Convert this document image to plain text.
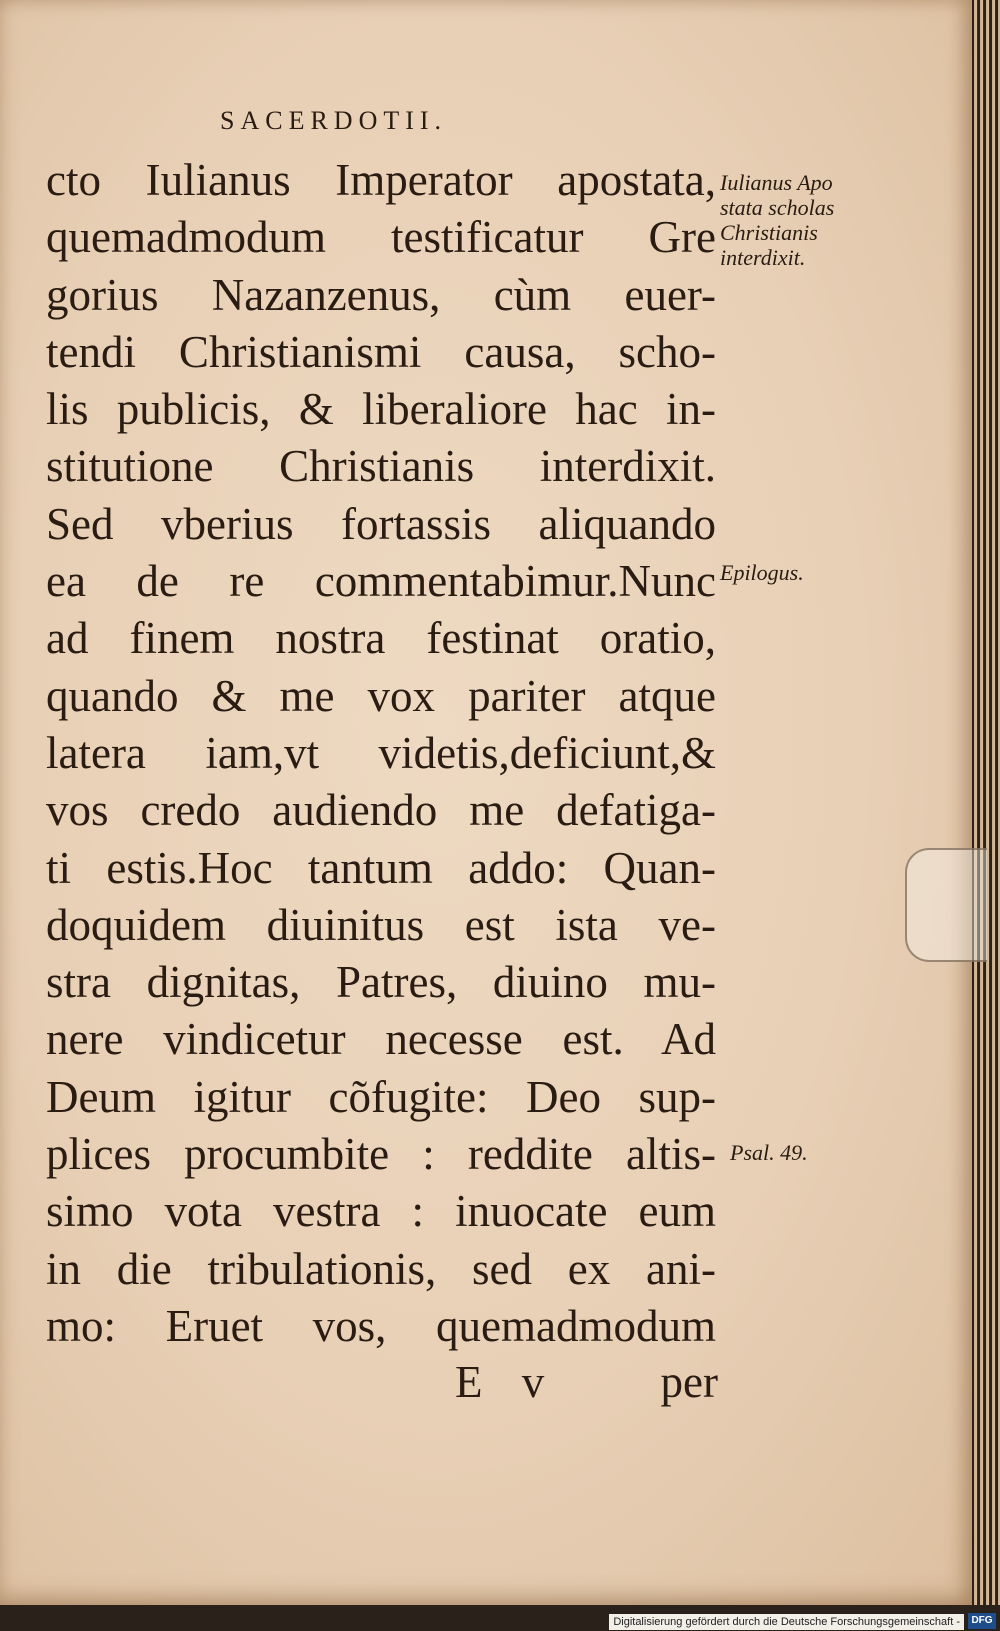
SACERDOTII.
cto Iulianus Imperator apostata,
quemadmodum testificatur Gre
gorius Nazanzenus, cùm euer-
tendi Christianismi causa, scho-
lis publicis, & liberaliore hac in-
stitutione Christianis interdixit.
Sed vberius fortassis aliquando
ea de re commentabimur.Nunc
ad finem nostra festinat oratio,
quando & me vox pariter atque
latera iam,vt videtis,deficiunt,&
vos credo audiendo me defatiga-
ti estis.Hoc tantum addo: Quan-
doquidem diuinitus est ista ve-
stra dignitas, Patres, diuino mu-
nere vindicetur necesse est. Ad
Deum igitur cõfugite: Deo sup-
plices procumbite : reddite altis-
simo vota vestra : inuocate eum
in die tribulationis, sed ex ani-
mo: Eruet vos, quemadmodum
E v per
Iulianus Apo
stata scholas
Christianis
interdixit.
Epilogus.
Psal. 49.
Digitalisierung gefördert durch die Deutsche Forschungsgemeinschaft -	DFG
